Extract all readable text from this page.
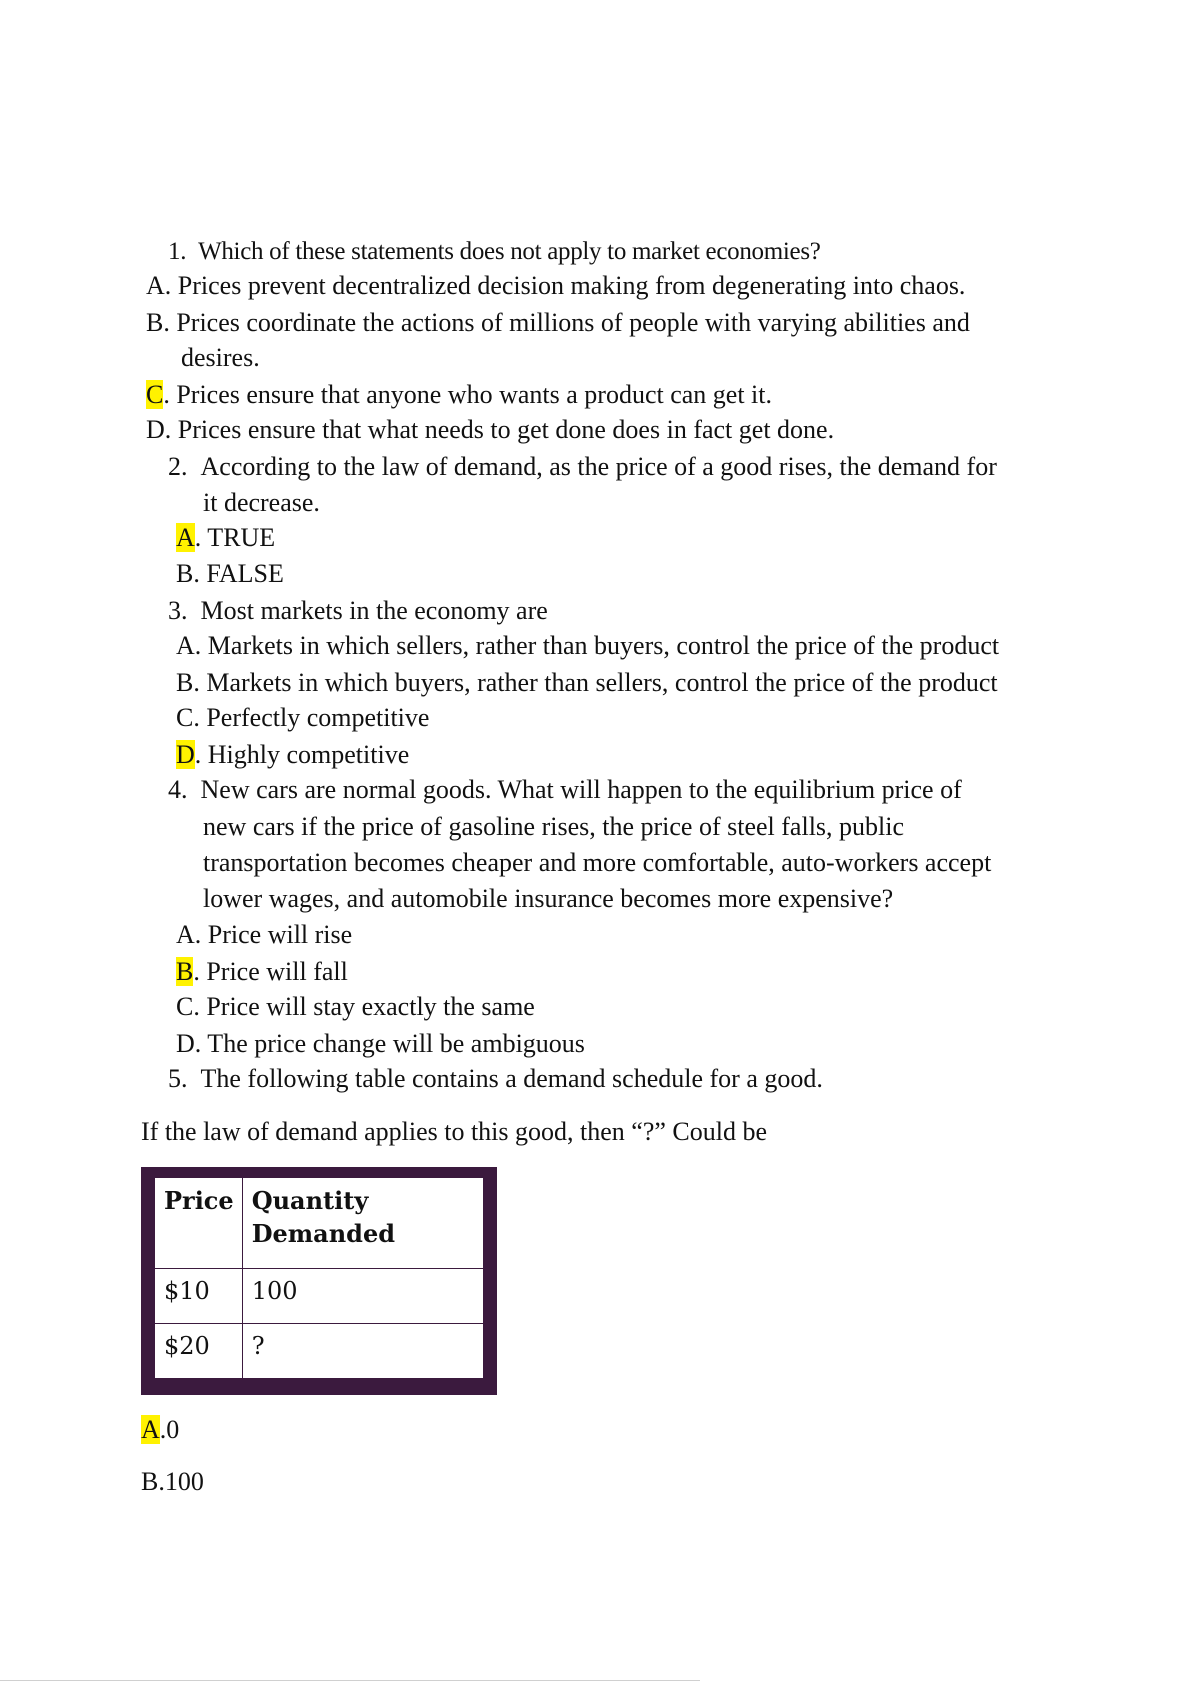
1. Which of these statements does not apply to market economies?
A. Prices prevent decentralized decision making from degenerating into chaos.
B. Prices coordinate the actions of millions of people with varying abilities and
desires.
C. Prices ensure that anyone who wants a product can get it.
D. Prices ensure that what needs to get done does in fact get done.
2. According to the law of demand, as the price of a good rises, the demand for
it decrease.
A. TRUE
B. FALSE
3. Most markets in the economy are
A. Markets in which sellers, rather than buyers, control the price of the product
B. Markets in which buyers, rather than sellers, control the price of the product
C. Perfectly competitive
D. Highly competitive
4. New cars are normal goods. What will happen to the equilibrium price of
new cars if the price of gasoline rises, the price of steel falls, public
transportation becomes cheaper and more comfortable, auto-workers accept
lower wages, and automobile insurance becomes more expensive?
A. Price will rise
B. Price will fall
C. Price will stay exactly the same
D. The price change will be ambiguous
5. The following table contains a demand schedule for a good.
If the law of demand applies to this good, then “?” Could be
Price	Quantity
Demanded
$10	100
$20	?
A.0
B.100
